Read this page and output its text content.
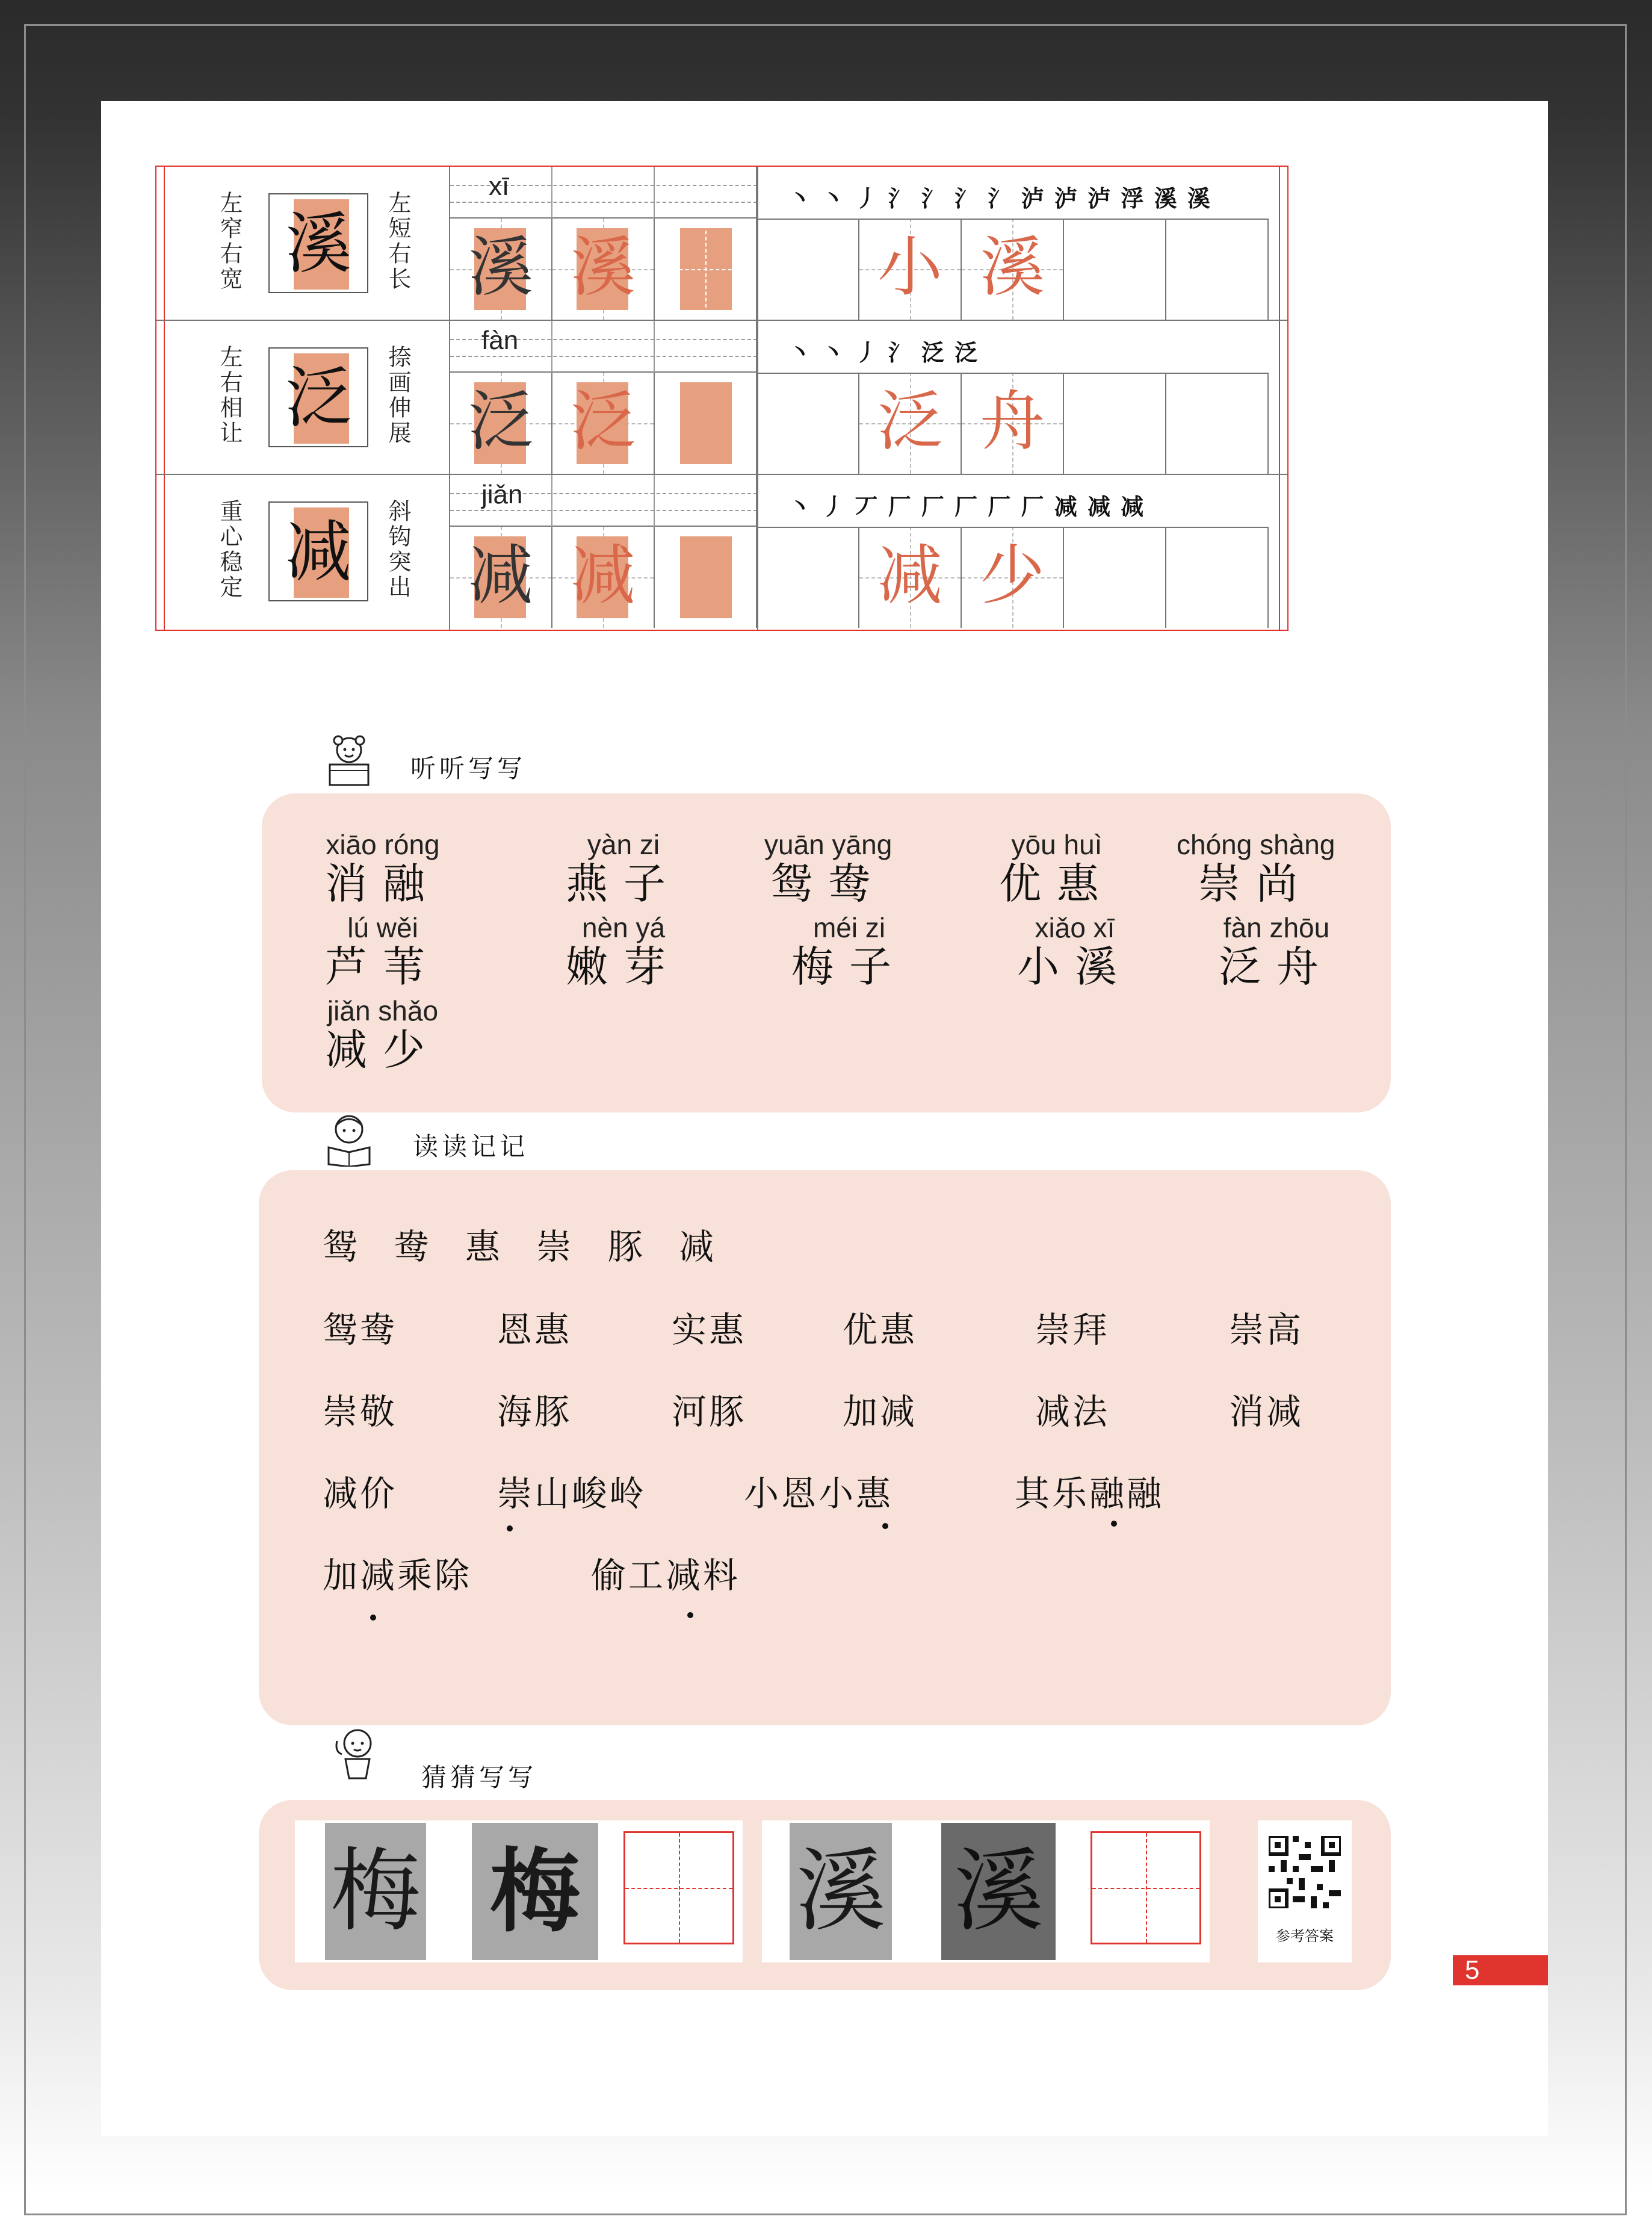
左窄右宽 溪	左短右长
xī	丶 丶 丿 氵 氵 氵 氵 泸 泸 泸 浮 溪 溪
溪 溪	小 溪
左右相让 泛	捺画伸展
fàn	丶 丶 丿 氵 泛 泛
泛 泛	泛 舟
重心稳定 减	斜钩突出
jiǎn	丶 丿 丆 厂 厂 厂 厂 厂 减 减 减
减 减	减 少
听听写写
xiāo róng
消融
yàn zi
燕子
yuān yāng
鸳鸯
yōu huì
优惠
chóng shàng
崇尚
lú wěi
芦苇
nèn yá
嫩芽
méi zi
梅子
xiǎo xī
小溪
fàn zhōu
泛舟
jiǎn shǎo
减少
读读记记
鸳 鸯 惠 崇 豚 减
鸳鸯	恩惠	实惠	优惠	崇拜	崇高
崇敬	海豚	河豚	加减	减法	消减
减价	崇山峻岭	小恩小惠	其乐融融
加减乘除	偷工减料
猜猜写写
梅 梅 溪 溪	参考答案
5
